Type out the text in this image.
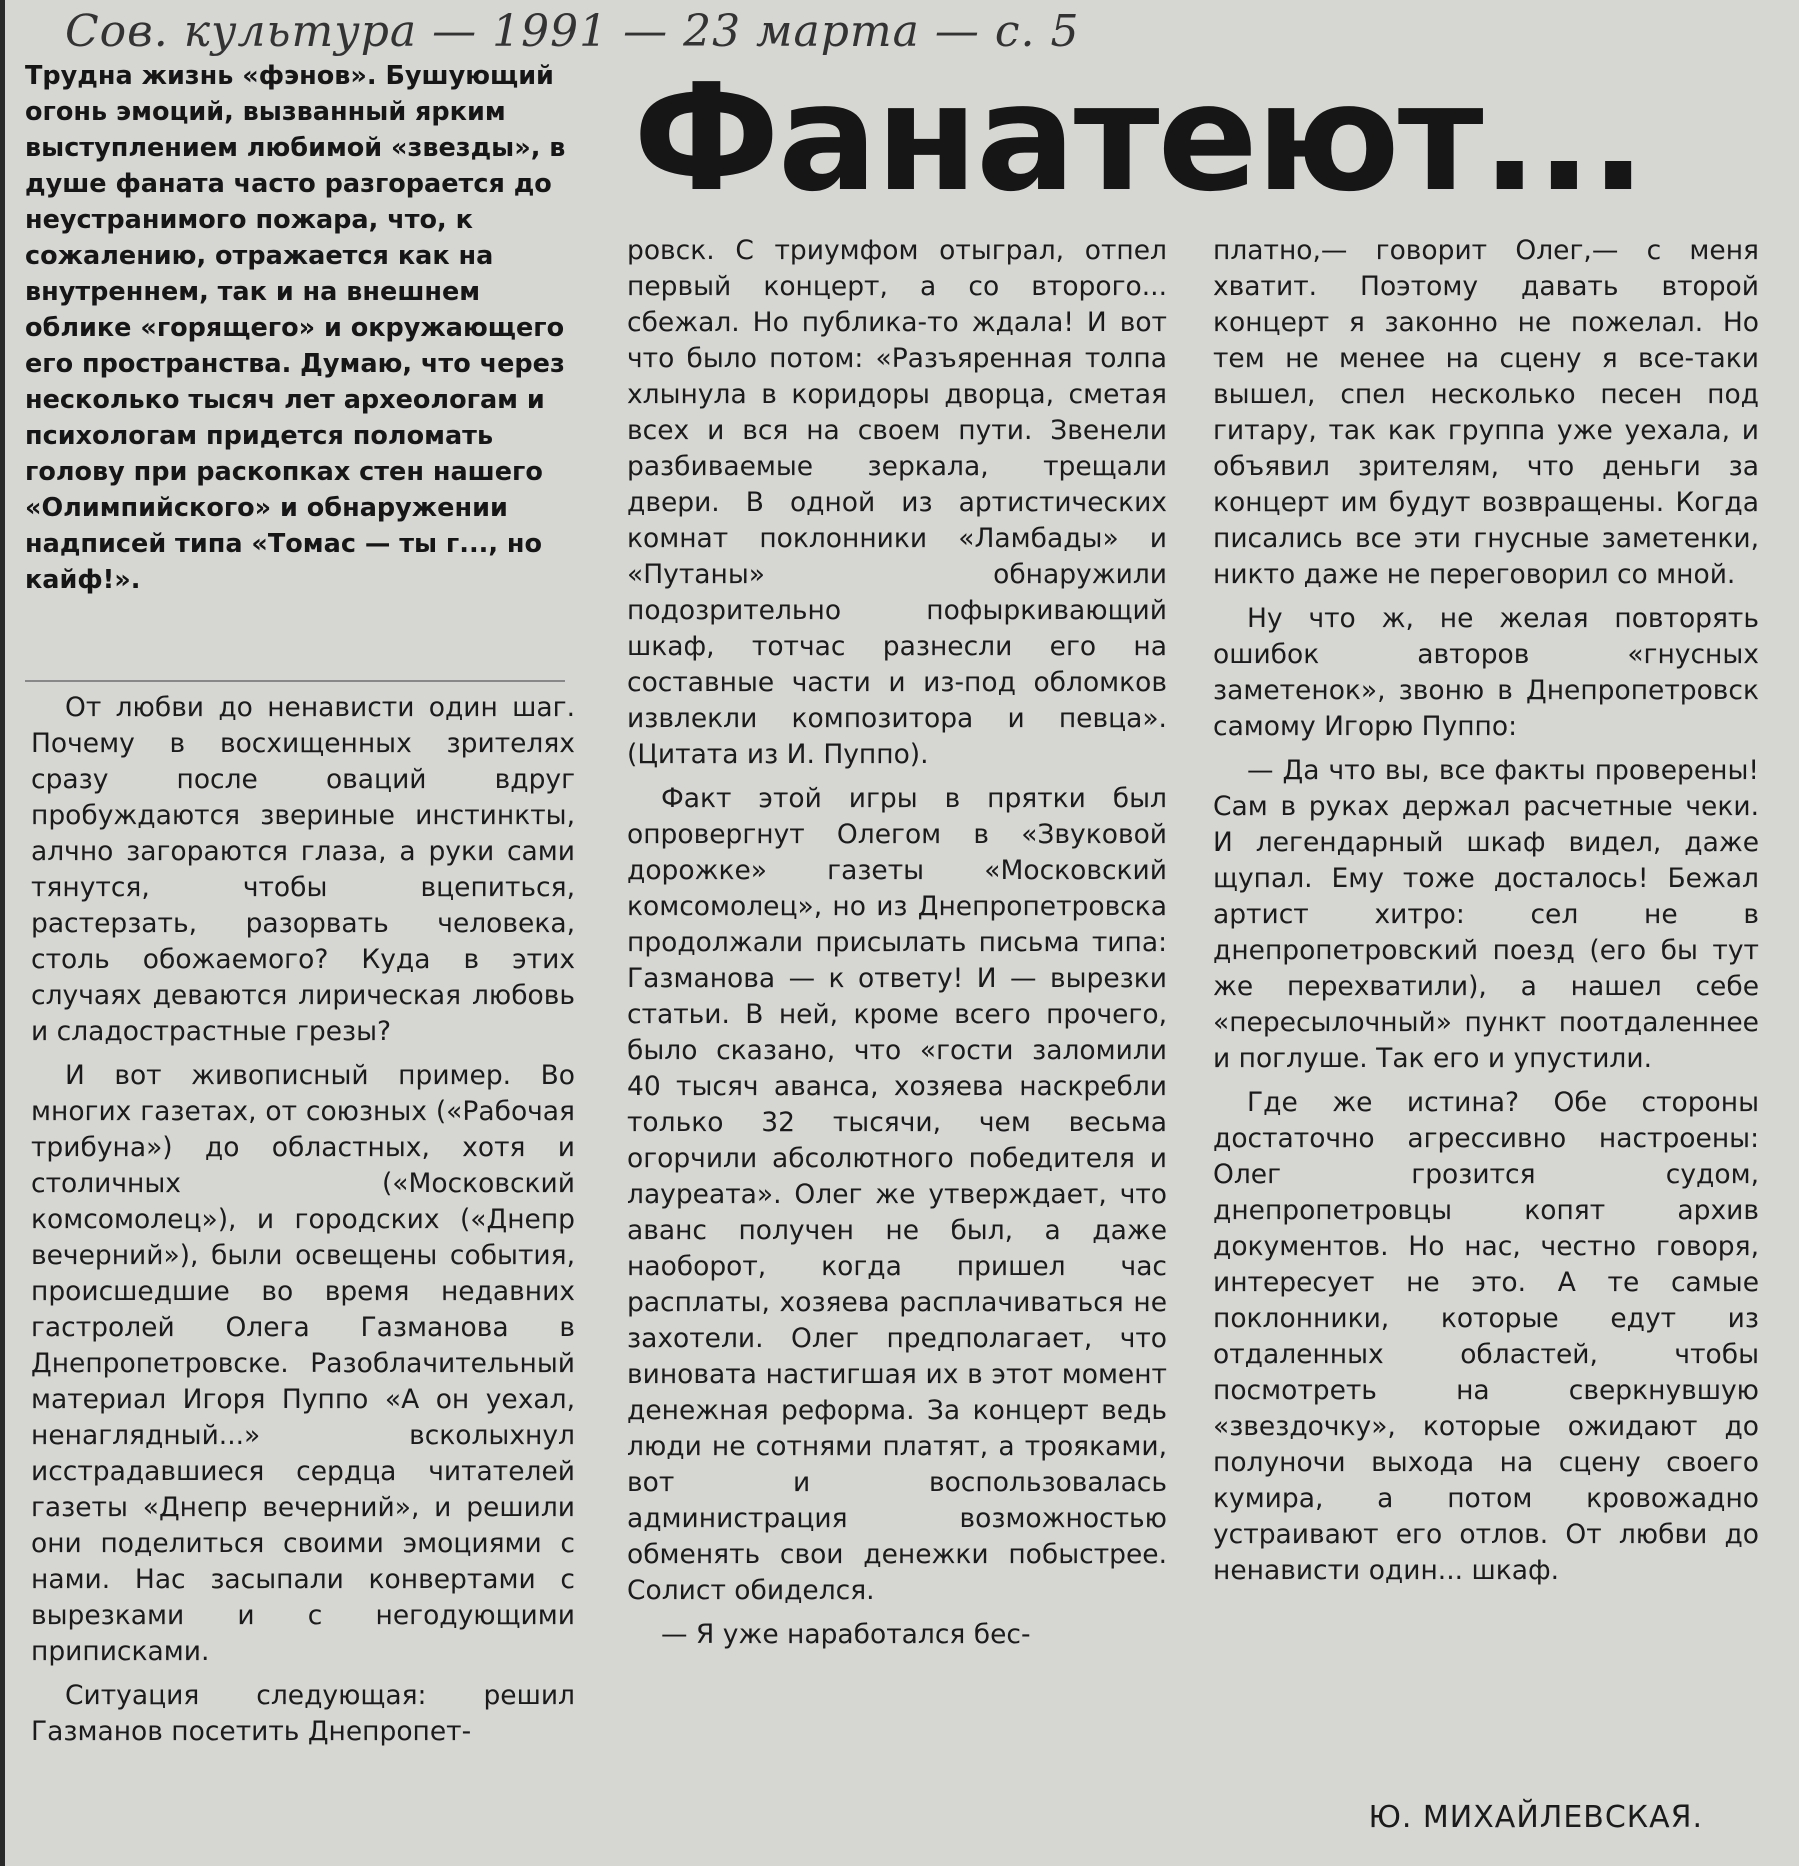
Сов. культура — 1991 — 23 марта — с. 5
Фанатеют...

Трудна жизнь «фэнов». Бушующий огонь эмоций, вызванный ярким выступлением любимой «звезды», в душе фаната часто разгорается до неустранимого пожара, что, к сожалению, отражается как на внутреннем, так и на внешнем облике «горящего» и окружающего его пространства. Думаю, что через несколько тысяч лет археологам и психологам придется поломать голову при раскопках стен нашего «Олимпийского» и обнаружении надписей типа «Томас — ты г..., но кайф!».

От любви до ненависти один шаг. Почему в восхищенных зрителях сразу после оваций вдруг пробуждаются звериные инстинкты, алчно загораются глаза, а руки сами тянутся, чтобы вцепиться, растерзать, разорвать человека, столь обожаемого? Куда в этих случаях деваются лирическая любовь и сладострастные грезы?

И вот живописный пример. Во многих газетах, от союзных («Рабочая трибуна») до областных, хотя и столичных («Московский комсомолец»), и городских («Днепр вечерний»), были освещены события, происшедшие во время недавних гастролей Олега Газманова в Днепропетровске. Разоблачительный материал Игоря Пуппо «А он уехал, ненаглядный...» всколыхнул исстрадавшиеся сердца читателей газеты «Днепр вечерний», и решили они поделиться своими эмоциями с нами. Нас засыпали конвертами с вырезками и с негодующими приписками.

Ситуация следующая: решил Газманов посетить Днепропет-

ровск. С триумфом отыграл, отпел первый концерт, а со второго... сбежал. Но публика-то ждала! И вот что было потом: «Разъяренная толпа хлынула в коридоры дворца, сметая всех и вся на своем пути. Звенели разбиваемые зеркала, трещали двери. В одной из артистических комнат поклонники «Ламбады» и «Путаны» обнаружили подозрительно пофыркивающий шкаф, тотчас разнесли его на составные части и из-под обломков извлекли композитора и певца». (Цитата из И. Пуппо).

Факт этой игры в прятки был опровергнут Олегом в «Звуковой дорожке» газеты «Московский комсомолец», но из Днепропетровска продолжали присылать письма типа: Газманова — к ответу! И — вырезки статьи. В ней, кроме всего прочего, было сказано, что «гости заломили 40 тысяч аванса, хозяева наскребли только 32 тысячи, чем весьма огорчили абсолютного победителя и лауреата». Олег же утверждает, что аванс получен не был, а даже наоборот, когда пришел час расплаты, хозяева расплачиваться не захотели. Олег предполагает, что виновата настигшая их в этот момент денежная реформа. За концерт ведь люди не сотнями платят, а трояками, вот и воспользовалась администрация возможностью обменять свои денежки побыстрее. Солист обиделся.

— Я уже наработался бес-

платно,— говорит Олег,— с меня хватит. Поэтому давать второй концерт я законно не пожелал. Но тем не менее на сцену я все-таки вышел, спел несколько песен под гитару, так как группа уже уехала, и объявил зрителям, что деньги за концерт им будут возвращены. Когда писались все эти гнусные заметенки, никто даже не переговорил со мной.

Ну что ж, не желая повторять ошибок авторов «гнусных заметенок», звоню в Днепропетровск самому Игорю Пуппо:

— Да что вы, все факты проверены! Сам в руках держал расчетные чеки. И легендарный шкаф видел, даже щупал. Ему тоже досталось! Бежал артист хитро: сел не в днепропетровский поезд (его бы тут же перехватили), а нашел себе «пересылочный» пункт поотдаленнее и поглуше. Так его и упустили.

Где же истина? Обе стороны достаточно агрессивно настроены: Олег грозится судом, днепропетровцы копят архив документов. Но нас, честно говоря, интересует не это. А те самые поклонники, которые едут из отдаленных областей, чтобы посмотреть на сверкнувшую «звездочку», которые ожидают до полуночи выхода на сцену своего кумира, а потом кровожадно устраивают его отлов. От любви до ненависти один... шкаф.

Ю. МИХАЙЛЕВСКАЯ.
